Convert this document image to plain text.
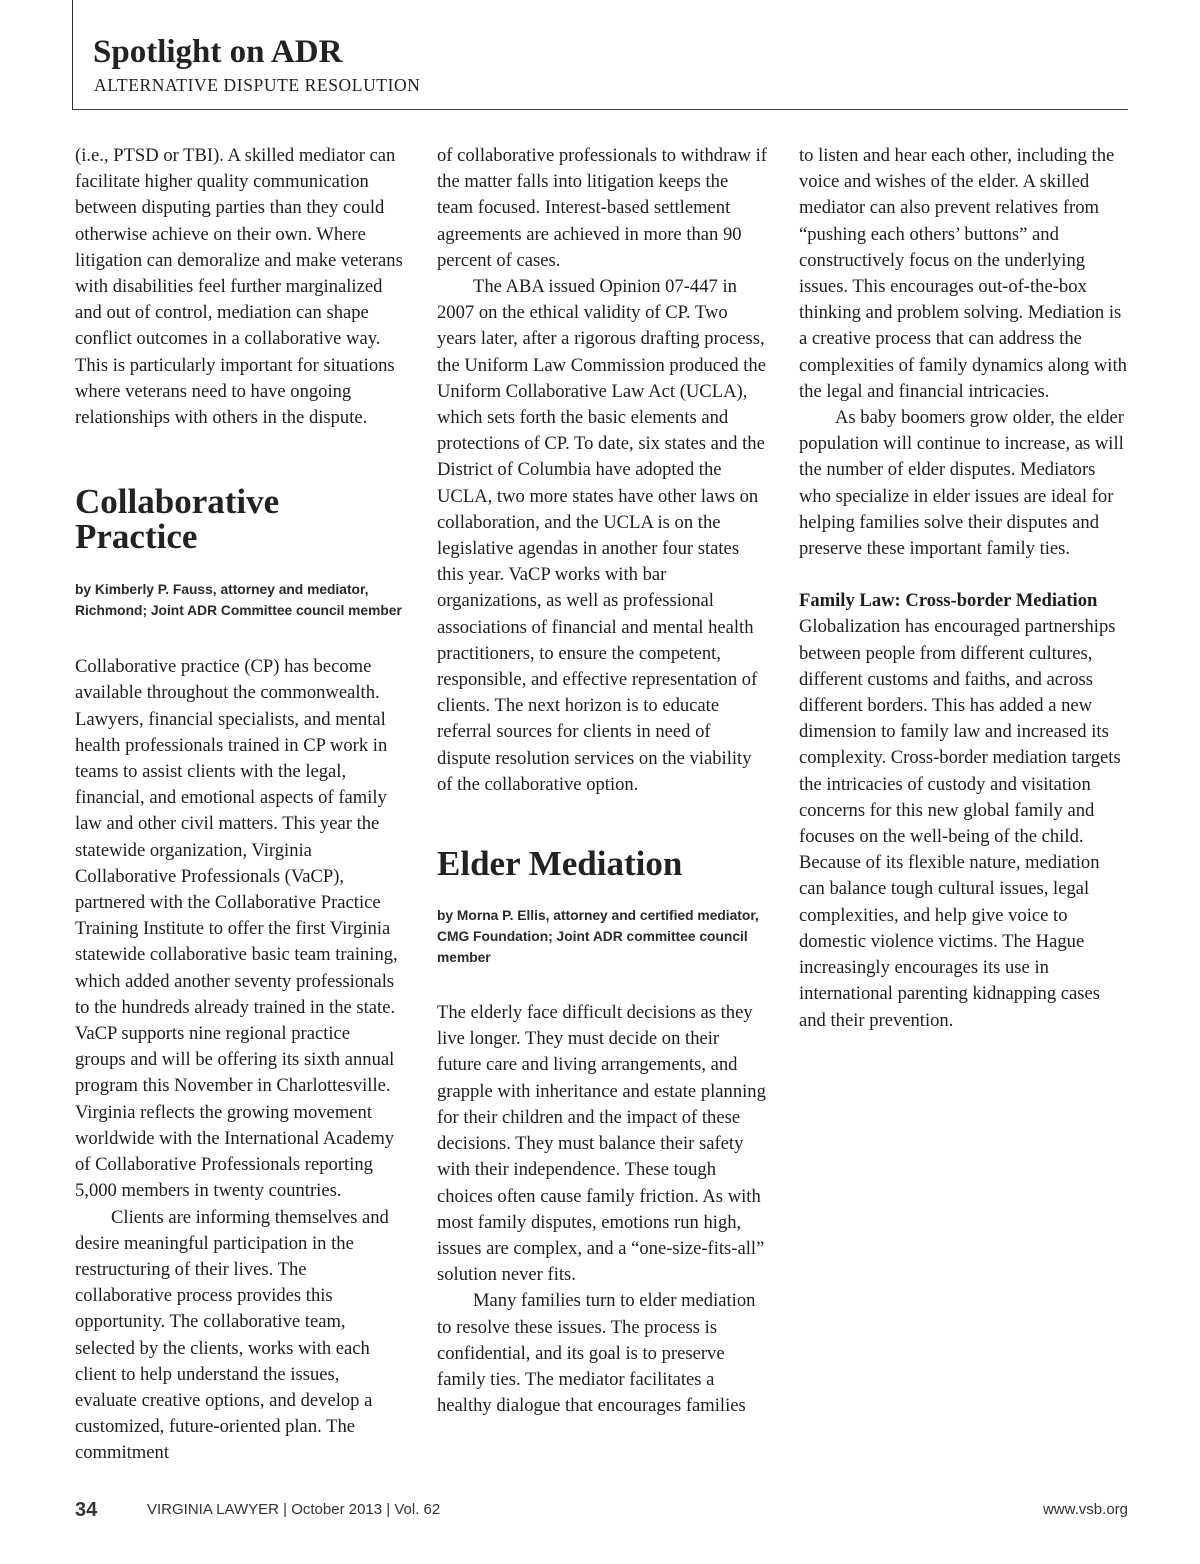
Spotlight on ADR
ALTERNATIVE DISPUTE RESOLUTION

(i.e., PTSD or TBI). A skilled mediator can facilitate higher quality communication between disputing parties than they could otherwise achieve on their own. Where litigation can demoralize and make veterans with disabilities feel further marginalized and out of control, mediation can shape conflict outcomes in a collaborative way. This is particularly important for situations where veterans need to have ongoing relationships with others in the dispute.

Collaborative Practice

by Kimberly P. Fauss, attorney and mediator, Richmond; Joint ADR Committee council member

Collaborative practice (CP) has become available throughout the commonwealth. Lawyers, financial specialists, and mental health professionals trained in CP work in teams to assist clients with the legal, financial, and emotional aspects of family law and other civil matters. This year the statewide organization, Virginia Collaborative Professionals (VaCP), partnered with the Collaborative Practice Training Institute to offer the first Virginia statewide collaborative basic team training, which added another seventy professionals to the hundreds already trained in the state. VaCP supports nine regional practice groups and will be offering its sixth annual program this November in Charlottesville. Virginia reflects the growing movement worldwide with the International Academy of Collaborative Professionals reporting 5,000 members in twenty countries.

Clients are informing themselves and desire meaningful participation in the restructuring of their lives. The collaborative process provides this opportunity. The collaborative team, selected by the clients, works with each client to help understand the issues, evaluate creative options, and develop a customized, future-oriented plan. The commitment

of collaborative professionals to withdraw if the matter falls into litigation keeps the team focused. Interest-based settlement agreements are achieved in more than 90 percent of cases.

The ABA issued Opinion 07-447 in 2007 on the ethical validity of CP. Two years later, after a rigorous drafting process, the Uniform Law Commission produced the Uniform Collaborative Law Act (UCLA), which sets forth the basic elements and protections of CP. To date, six states and the District of Columbia have adopted the UCLA, two more states have other laws on collaboration, and the UCLA is on the legislative agendas in another four states this year. VaCP works with bar organizations, as well as professional associations of financial and mental health practitioners, to ensure the competent, responsible, and effective representation of clients. The next horizon is to educate referral sources for clients in need of dispute resolution services on the viability of the collaborative option.

Elder Mediation

by Morna P. Ellis, attorney and certified mediator, CMG Foundation; Joint ADR committee council member

The elderly face difficult decisions as they live longer. They must decide on their future care and living arrangements, and grapple with inheritance and estate planning for their children and the impact of these decisions. They must balance their safety with their independence. These tough choices often cause family friction. As with most family disputes, emotions run high, issues are complex, and a “one-size-fits-all” solution never fits.

Many families turn to elder mediation to resolve these issues. The process is confidential, and its goal is to preserve family ties. The mediator facilitates a healthy dialogue that encourages families

to listen and hear each other, including the voice and wishes of the elder. A skilled mediator can also prevent relatives from “pushing each others’ buttons” and constructively focus on the underlying issues. This encourages out-of-the-box thinking and problem solving. Mediation is a creative process that can address the complexities of family dynamics along with the legal and financial intricacies.

As baby boomers grow older, the elder population will continue to increase, as will the number of elder disputes. Mediators who specialize in elder issues are ideal for helping families solve their disputes and preserve these important family ties.

Family Law: Cross-border Mediation

Globalization has encouraged partnerships between people from different cultures, different customs and faiths, and across different borders. This has added a new dimension to family law and increased its complexity. Cross-border mediation targets the intricacies of custody and visitation concerns for this new global family and focuses on the well-being of the child. Because of its flexible nature, mediation can balance tough cultural issues, legal complexities, and help give voice to domestic violence victims. The Hague increasingly encourages its use in international parenting kidnapping cases and their prevention.

34	VIRGINIA LAWYER | October 2013 | Vol. 62	www.vsb.org
